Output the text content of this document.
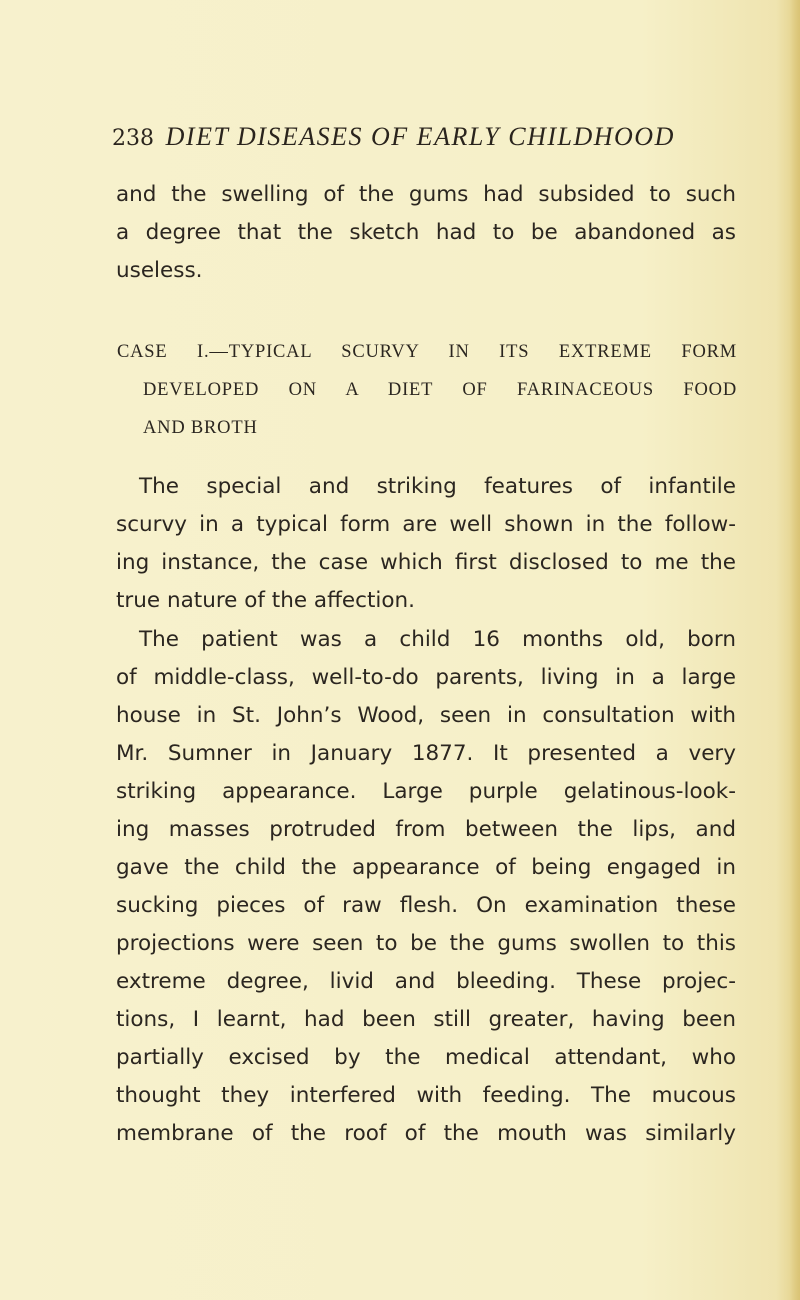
238 DIET DISEASES OF EARLY CHILDHOOD
and the swelling of the gums had subsided to such
a degree that the sketch had to be abandoned as
useless.
CASE I.—TYPICAL SCURVY IN ITS EXTREME FORM
DEVELOPED ON A DIET OF FARINACEOUS FOOD
AND BROTH
The special and striking features of infantile
scurvy in a typical form are well shown in the follow-
ing instance, the case which first disclosed to me the
true nature of the affection.
The patient was a child 16 months old, born
of middle-class, well-to-do parents, living in a large
house in St. John’s Wood, seen in consultation with
Mr. Sumner in January 1877. It presented a very
striking appearance. Large purple gelatinous-look-
ing masses protruded from between the lips, and
gave the child the appearance of being engaged in
sucking pieces of raw flesh. On examination these
projections were seen to be the gums swollen to this
extreme degree, livid and bleeding. These projec-
tions, I learnt, had been still greater, having been
partially excised by the medical attendant, who
thought they interfered with feeding. The mucous
membrane of the roof of the mouth was similarly
